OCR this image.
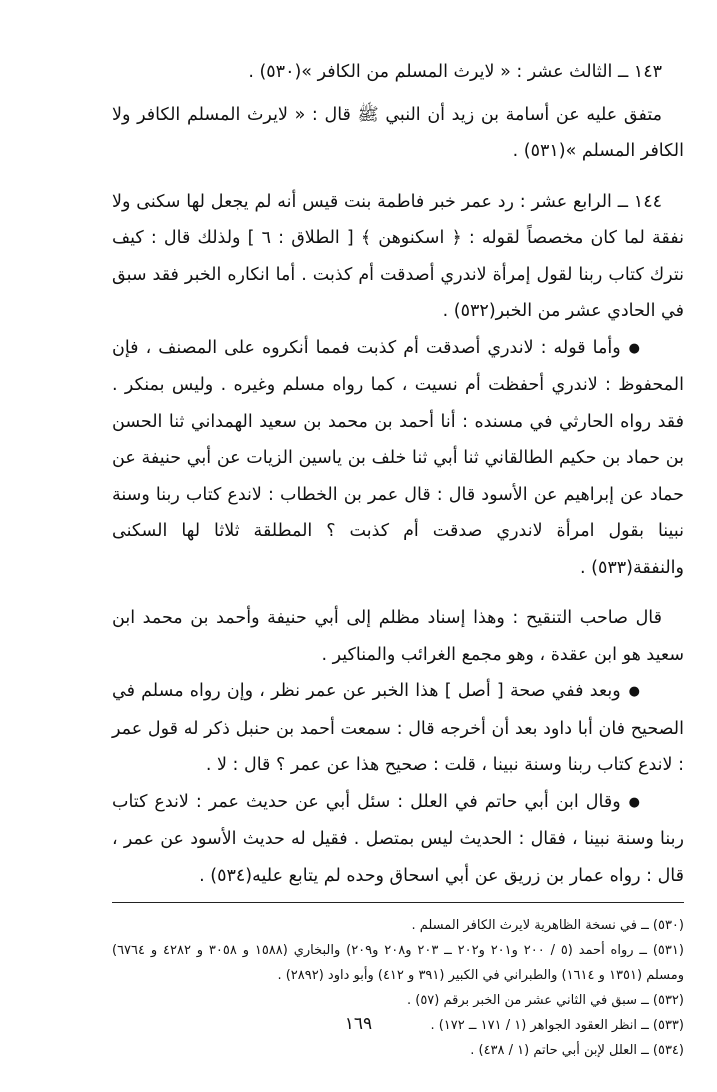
١٤٣ ــ الثالث عشر : « لايرث المسلم من الكافر »(٥٣٠) .

متفق عليه عن أسامة بن زيد أن النبي ﷺ قال : « لايرث المسلم الكافر ولا الكافر المسلم »(٥٣١) .

١٤٤ ــ الرابع عشر : رد عمر خبر فاطمة بنت قيس أنه لم يجعل لها سكنى ولا نفقة لما كان مخصصاً لقوله : ﴿ اسكنوهن ﴾ [ الطلاق : ٦ ] ولذلك قال : كيف نترك كتاب ربنا لقول إمرأة لاندري أصدقت أم كذبت . أما انكاره الخبر فقد سبق في الحادي عشر من الخبر(٥٣٢) .

●وأما قوله : لاندري أصدقت أم كذبت فمما أنكروه على المصنف ، فإن المحفوظ : لاندري أحفظت أم نسيت ، كما رواه مسلم وغيره . وليس بمنكر . فقد رواه الحارثي في مسنده : أنا أحمد بن محمد بن سعيد الهمداني ثنا الحسن بن حماد بن حكيم الطالقاني ثنا أبي ثنا خلف بن ياسين الزيات عن أبي حنيفة عن حماد عن إبراهيم عن الأسود قال : قال عمر بن الخطاب : لاندع كتاب ربنا وسنة نبينا بقول امرأة لاندري صدقت أم كذبت ؟ المطلقة ثلاثا لها السكنى والنفقة(٥٣٣) .

قال صاحب التنقيح : وهذا إسناد مظلم إلى أبي حنيفة وأحمد بن محمد ابن سعيد هو ابن عقدة ، وهو مجمع الغرائب والمناكير .

●وبعد ففي صحة [ أصل ] هذا الخبر عن عمر نظر ، وإن رواه مسلم في الصحيح فان أبا داود بعد أن أخرجه قال : سمعت أحمد بن حنبل ذكر له قول عمر : لاندع كتاب ربنا وسنة نبينا ، قلت : صحيح هذا عن عمر ؟ قال : لا .

●وقال ابن أبي حاتم في العلل : سئل أبي عن حديث عمر : لاندع كتاب ربنا وسنة نبينا ، فقال : الحديث ليس بمتصل . فقيل له حديث الأسود عن عمر ، قال : رواه عمار بن زريق عن أبي اسحاق وحده لم يتابع عليه(٥٣٤) .

(٥٣٠) ــ في نسخة الظاهرية لايرث الكافر المسلم .

(٥٣١) ــ رواه أحمد (٥ / ٢٠٠ و٢٠١ و٢٠٢ ــ ٢٠٣ و٢٠٨ و٢٠٩) والبخاري (١٥٨٨ و ٣٠٥٨ و ٤٢٨٢ و ٦٧٦٤) ومسلم (١٣٥١ و ١٦١٤) والطبراني في الكبير (٣٩١ و ٤١٢) وأبو داود (٢٨٩٢) .

(٥٣٢) ــ سبق في الثاني عشر من الخبر برقم (٥٧) .

(٥٣٣) ــ انظر العقود الجواهر (١ / ١٧١ ــ ١٧٢) .

(٥٣٤) ــ العلل لإبن أبي حاتم (١ / ٤٣٨) .

١٦٩
